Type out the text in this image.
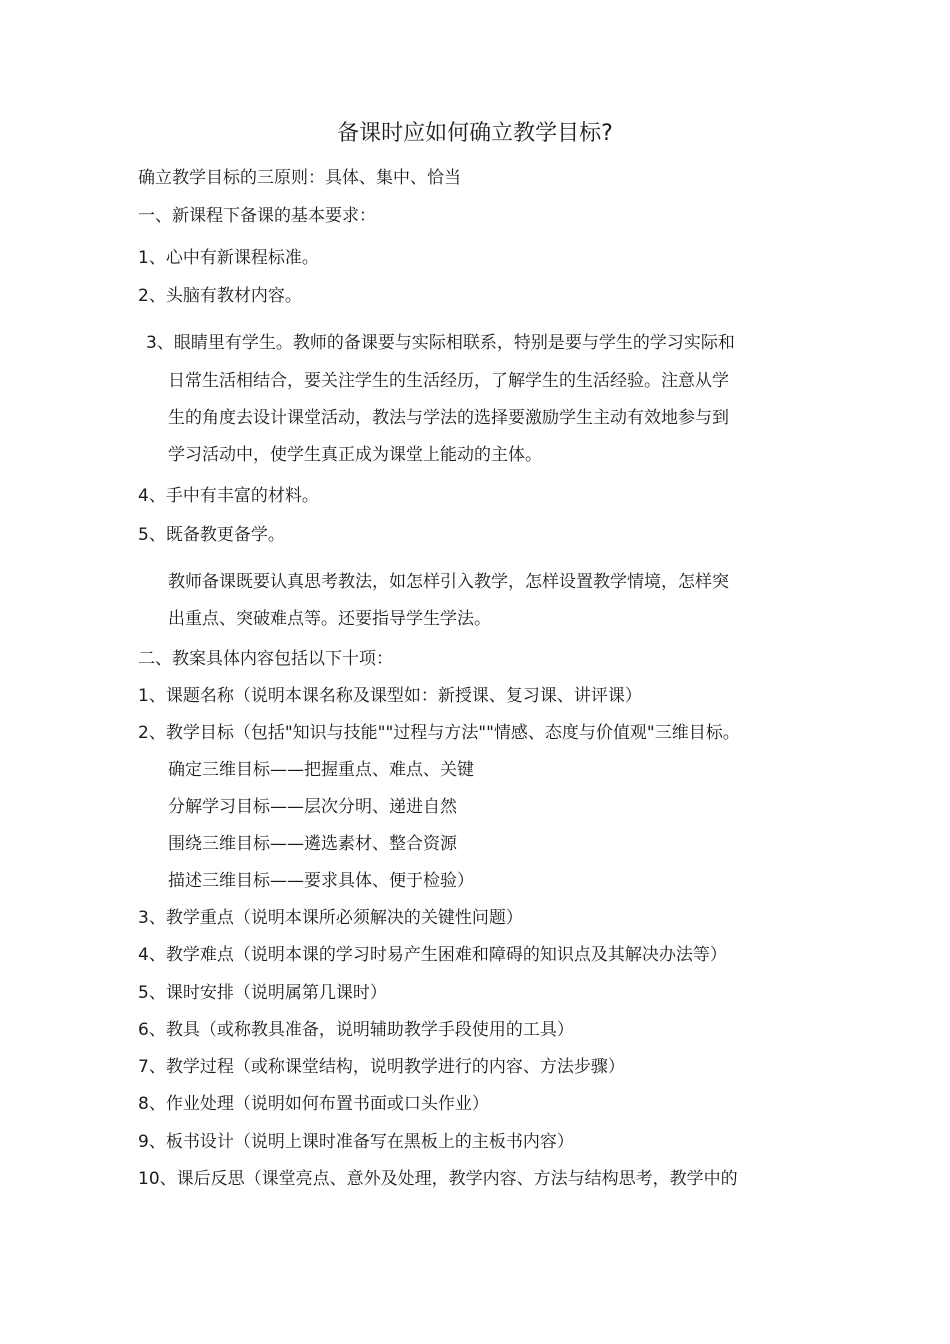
备课时应如何确立教学目标?

确立教学目标的三原则：具体、集中、恰当

一、新课程下备课的基本要求：

1、心中有新课程标准。

2、头脑有教材内容。

3、眼睛里有学生。教师的备课要与实际相联系，特别是要与学生的学习实际和

日常生活相结合，要关注学生的生活经历，了解学生的生活经验。注意从学

生的角度去设计课堂活动，教法与学法的选择要激励学生主动有效地参与到

学习活动中，使学生真正成为课堂上能动的主体。

4、手中有丰富的材料。

5、既备教更备学。

教师备课既要认真思考教法，如怎样引入教学，怎样设置教学情境，怎样突

出重点、突破难点等。还要指导学生学法。

二、教案具体内容包括以下十项：

1、课题名称（说明本课名称及课型如：新授课、复习课、讲评课）

2、教学目标（包括"知识与技能""过程与方法""情感、态度与价值观"三维目标。

确定三维目标——把握重点、难点、关键

分解学习目标——层次分明、递进自然

围绕三维目标——遴选素材、整合资源

描述三维目标——要求具体、便于检验）

3、教学重点（说明本课所必须解决的关键性问题）

4、教学难点（说明本课的学习时易产生困难和障碍的知识点及其解决办法等）

5、课时安排（说明属第几课时）

6、教具（或称教具准备，说明辅助教学手段使用的工具）

7、教学过程（或称课堂结构，说明教学进行的内容、方法步骤）

8、作业处理（说明如何布置书面或口头作业）

9、板书设计（说明上课时准备写在黑板上的主板书内容）

10、课后反思（课堂亮点、意外及处理，教学内容、方法与结构思考，教学中的
